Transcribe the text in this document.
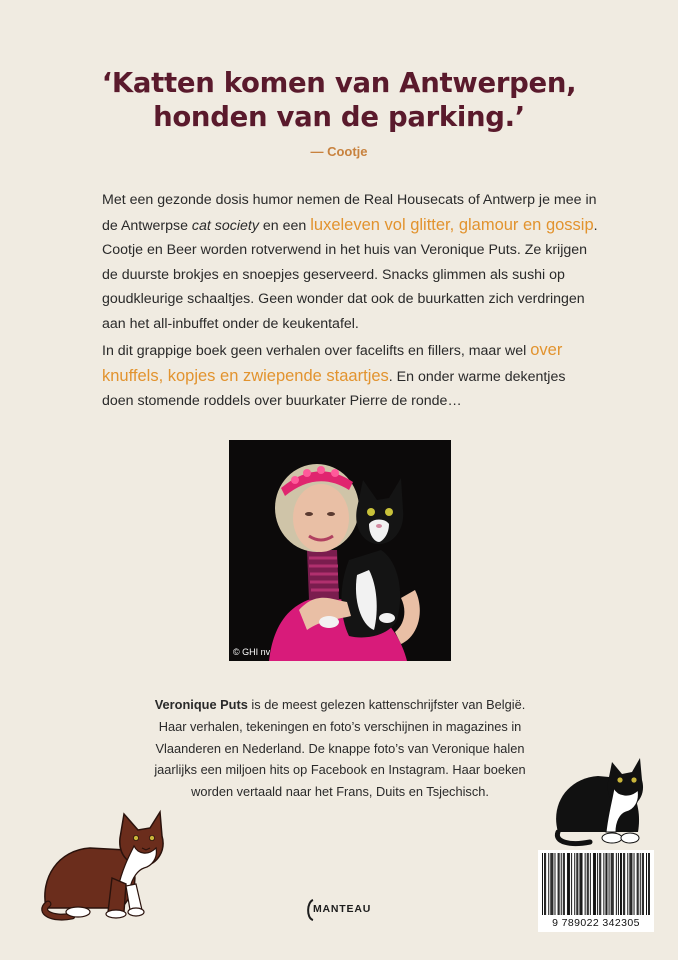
‘Katten komen van Antwerpen,
honden van de parking.’
— Cootje
Met een gezonde dosis humor nemen de Real Housecats of Antwerp je mee in de Antwerpse cat society en een luxeleven vol glitter, glamour en gossip. Cootje en Beer worden rotverwend in het huis van Veronique Puts. Ze krijgen de duurste brokjes en snoepjes geserveerd. Snacks glimmen als sushi op goudkleurige schaaltjes. Geen wonder dat ook de buurkatten zich verdringen aan het all-inbuffet onder de keukentafel.
In dit grappige boek geen verhalen over facelifts en fillers, maar wel over knuffels, kopjes en zwiepende staartjes. En onder warme dekentjes doen stomende roddels over buurkater Pierre de ronde…
© GHI nv
Veronique Puts is de meest gelezen kattenschrijfster van België. Haar verhalen, tekeningen en foto’s verschijnen in magazines in Vlaanderen en Nederland. De knappe foto’s van Veronique halen jaarlijks een miljoen hits op Facebook en Instagram. Haar boeken worden vertaald naar het Frans, Duits en Tsjechisch.
9 789022 342305
MANTEAU
